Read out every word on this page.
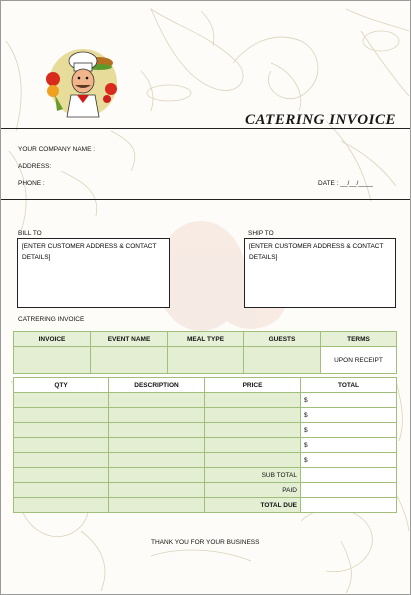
CATERING INVOICE
YOUR COMPANY NAME :
ADDRESS:
PHONE :	DATE : __/__/____
BILL TO
[ENTER CUSTOMER ADDRESS & CONTACT DETAILS]
SHIP TO
[ENTER CUSTOMER ADDRESS & CONTACT DETAILS]
CATRERING INVOICE
INVOICE	EVENT NAME	MEAL TYPE	GUESTS	TERMS
				UPON RECEIPT
QTY	DESCRIPTION	PRICE	TOTAL
			$
			$
			$
			$
			$
		SUB TOTAL	
		PAID	
		TOTAL DUE	
THANK YOU FOR YOUR BUSINESS
